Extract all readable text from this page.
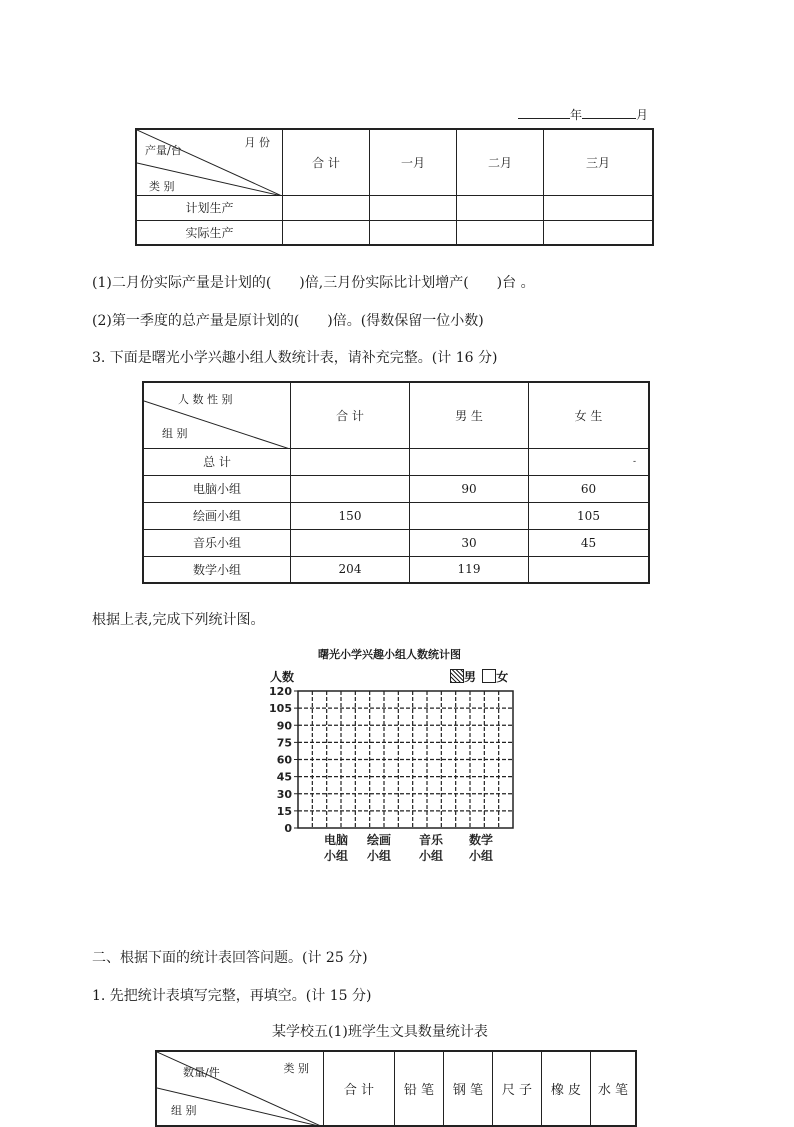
年	月
月 份
产量/台
类 别	合 计	一月	二月	三月
计划生产				
实际生产				
(1)二月份实际产量是计划的(　　)倍,三月份实际比计划增产(　　)台 。
(2)第一季度的总产量是原计划的(　　)倍。(得数保留一位小数)
3. 下面是曙光小学兴趣小组人数统计表，请补充完整。(计 16 分)
人 数 性 别
组 别	合 计	男 生	女 生
总 计			-
电脑小组		90	60
绘画小组	150		105
音乐小组		30	45
数学小组	204	119	
根据上表,完成下列统计图。
曙光小学兴趣小组人数统计图
人数	男 女
120
105
90
75
60
45
30
15
0
电脑
小组
绘画
小组
音乐
小组
数学
小组
二、根据下面的统计表回答问题。(计 25 分)
1. 先把统计表填写完整，再填空。(计 15 分)
某学校五(1)班学生文具数量统计表
类 别
数量/件
组 别
	合 计	铅 笔	钢 笔	尺 子	橡 皮	水 笔
